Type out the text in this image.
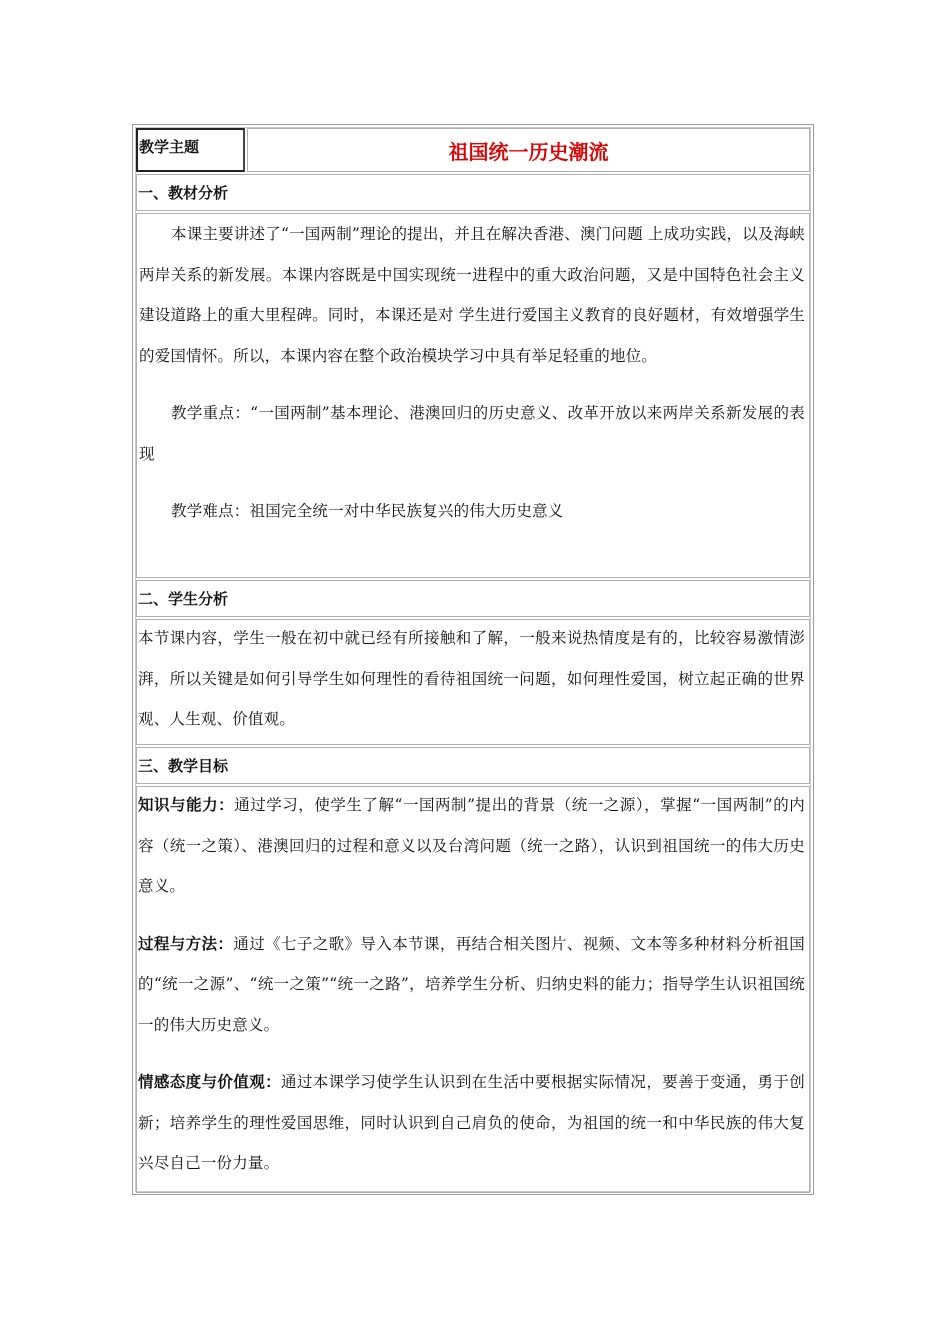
教学主题	祖国统一历史潮流
一、教材分析

本课主要讲述了“一国两制”理论的提出，并且在解决香港、澳门问题 上成功实践，以及海峡两岸关系的新发展。本课内容既是中国实现统一进程中的重大政治问题，又是中国特色社会主义建设道路上的重大里程碑。同时，本课还是对 学生进行爱国主义教育的良好题材，有效增强学生的爱国情怀。所以，本课内容在整个政治模块学习中具有举足轻重的地位。

教学重点：“一国两制”基本理论、港澳回归的历史意义、改革开放以来两岸关系新发展的表现

教学难点：祖国完全统一对中华民族复兴的伟大历史意义

二、学生分析

本节课内容，学生一般在初中就已经有所接触和了解，一般来说热情度是有的，比较容易激情澎湃，所以关键是如何引导学生如何理性的看待祖国统一问题，如何理性爱国，树立起正确的世界观、人生观、价值观。

三、教学目标

知识与能力：通过学习，使学生了解“一国两制”提出的背景（统一之源），掌握“一国两制”的内容（统一之策）、港澳回归的过程和意义以及台湾问题（统一之路），认识到祖国统一的伟大历史意义。

过程与方法：通过《七子之歌》导入本节课，再结合相关图片、视频、文本等多种材料分析祖国的“统一之源”、“统一之策”“统一之路”，培养学生分析、归纳史料的能力；指导学生认识祖国统一的伟大历史意义。

情感态度与价值观：通过本课学习使学生认识到在生活中要根据实际情况，要善于变通，勇于创新；培养学生的理性爱国思维，同时认识到自己肩负的使命，为祖国的统一和中华民族的伟大复兴尽自己一份力量。
